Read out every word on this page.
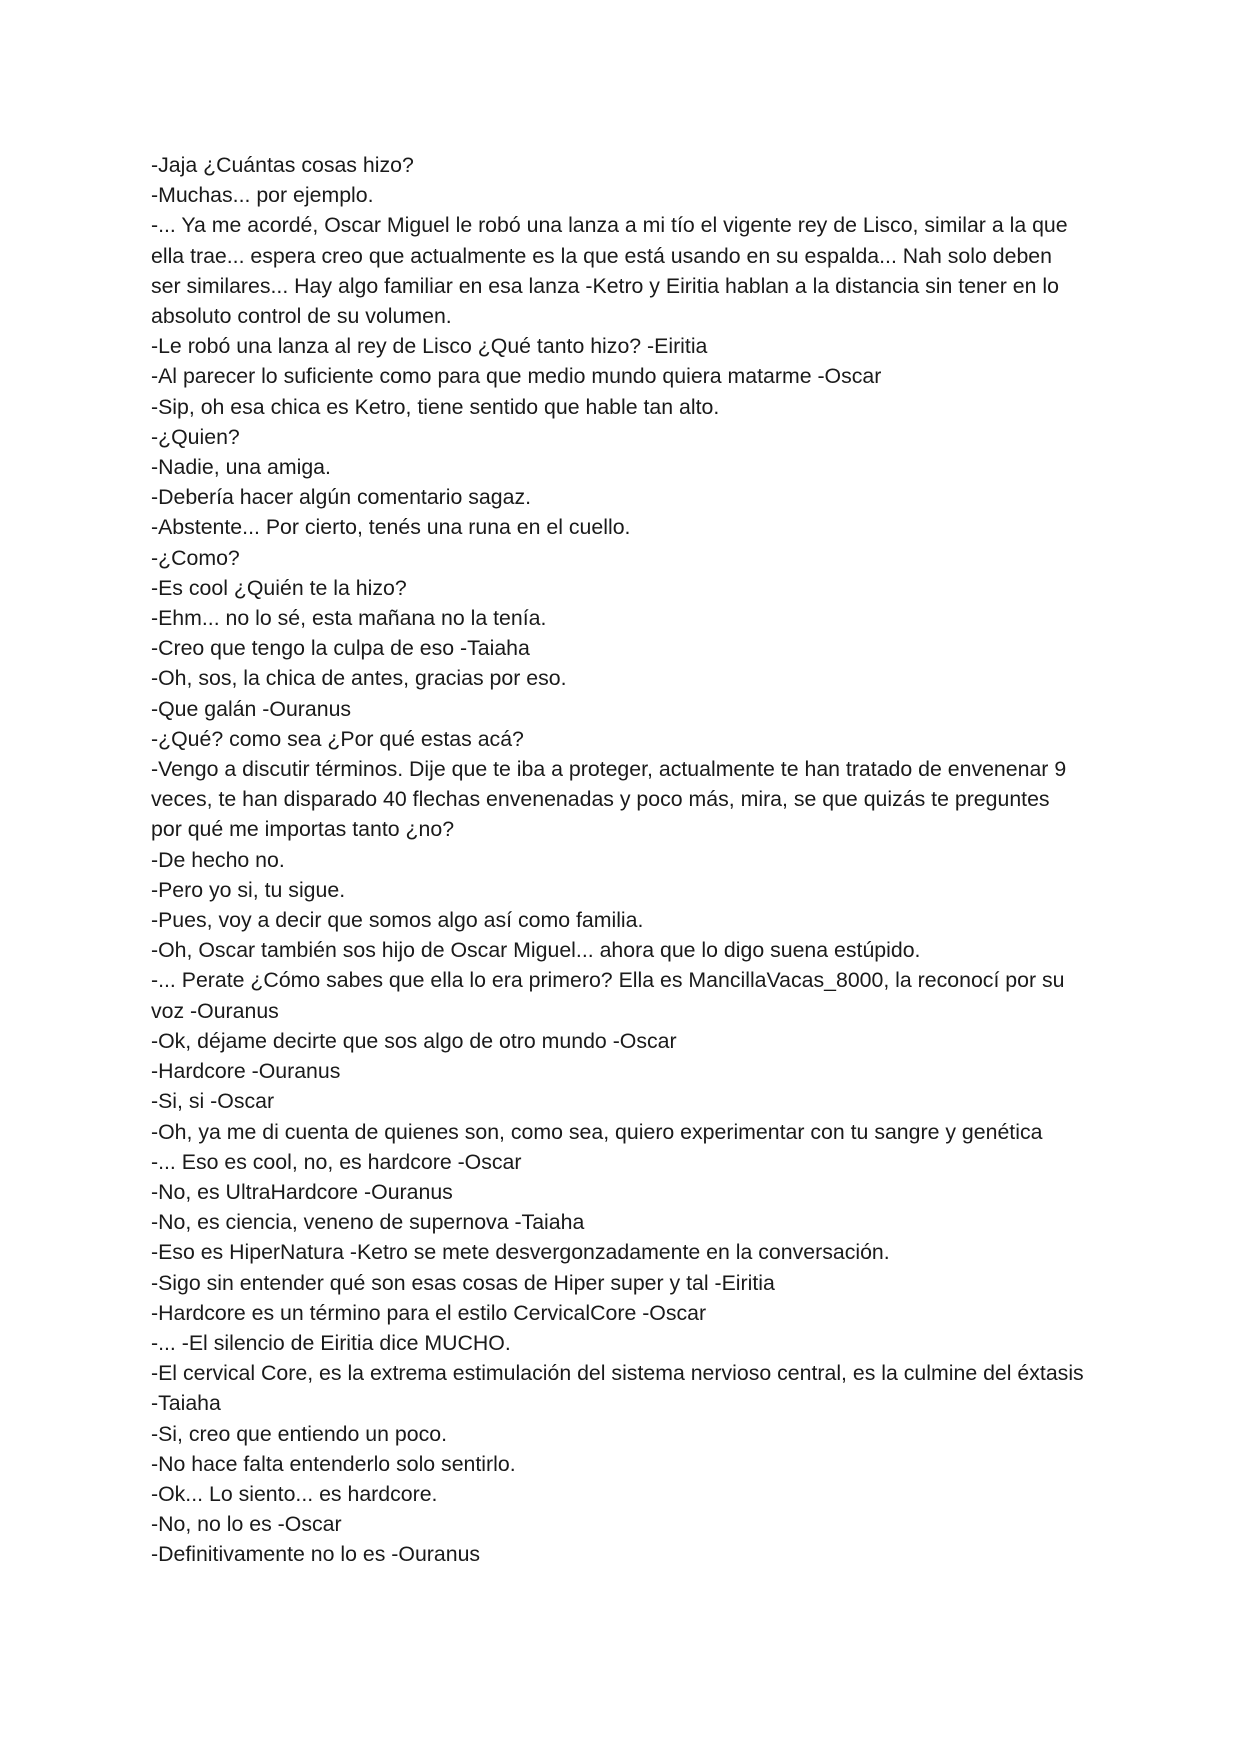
-Jaja ¿Cuántas cosas hizo?

-Muchas... por ejemplo.

-... Ya me acordé, Oscar Miguel le robó una lanza a mi tío el vigente rey de Lisco, similar a la que ella trae... espera creo que actualmente es la que está usando en su espalda... Nah solo deben ser similares... Hay algo familiar en esa lanza -Ketro y Eiritia hablan a la distancia sin tener en lo absoluto control de su volumen.

-Le robó una lanza al rey de Lisco ¿Qué tanto hizo? -Eiritia

-Al parecer lo suficiente como para que medio mundo quiera matarme -Oscar

-Sip, oh esa chica es Ketro, tiene sentido que hable tan alto.

-¿Quien?

-Nadie, una amiga.

-Debería hacer algún comentario sagaz.

-Abstente... Por cierto, tenés una runa en el cuello.

-¿Como?

-Es cool ¿Quién te la hizo?

-Ehm... no lo sé, esta mañana no la tenía.

-Creo que tengo la culpa de eso -Taiaha

-Oh, sos, la chica de antes, gracias por eso.

-Que galán -Ouranus

-¿Qué? como sea ¿Por qué estas acá?

-Vengo a discutir términos. Dije que te iba a proteger, actualmente te han tratado de envenenar 9 veces, te han disparado 40 flechas envenenadas y poco más, mira, se que quizás te preguntes por qué me importas tanto ¿no?

-De hecho no.

-Pero yo si, tu sigue.

-Pues, voy a decir que somos algo así como familia.

-Oh, Oscar también sos hijo de Oscar Miguel... ahora que lo digo suena estúpido.

-... Perate ¿Cómo sabes que ella lo era primero? Ella es MancillaVacas_8000, la reconocí por su voz -Ouranus

-Ok, déjame decirte que sos algo de otro mundo -Oscar

-Hardcore -Ouranus

-Si, si -Oscar

-Oh, ya me di cuenta de quienes son, como sea, quiero experimentar con tu sangre y genética

-... Eso es cool, no, es hardcore -Oscar

-No, es UltraHardcore -Ouranus

-No, es ciencia, veneno de supernova -Taiaha

-Eso es HiperNatura -Ketro se mete desvergonzadamente en la conversación.

-Sigo sin entender qué son esas cosas de Hiper super y tal -Eiritia

-Hardcore es un término para el estilo CervicalCore -Oscar

-... -El silencio de Eiritia dice MUCHO.

-El cervical Core, es la extrema estimulación del sistema nervioso central, es la culmine del éxtasis -Taiaha

-Si, creo que entiendo un poco.

-No hace falta entenderlo solo sentirlo.

-Ok... Lo siento... es hardcore.

-No, no lo es -Oscar

-Definitivamente no lo es -Ouranus
